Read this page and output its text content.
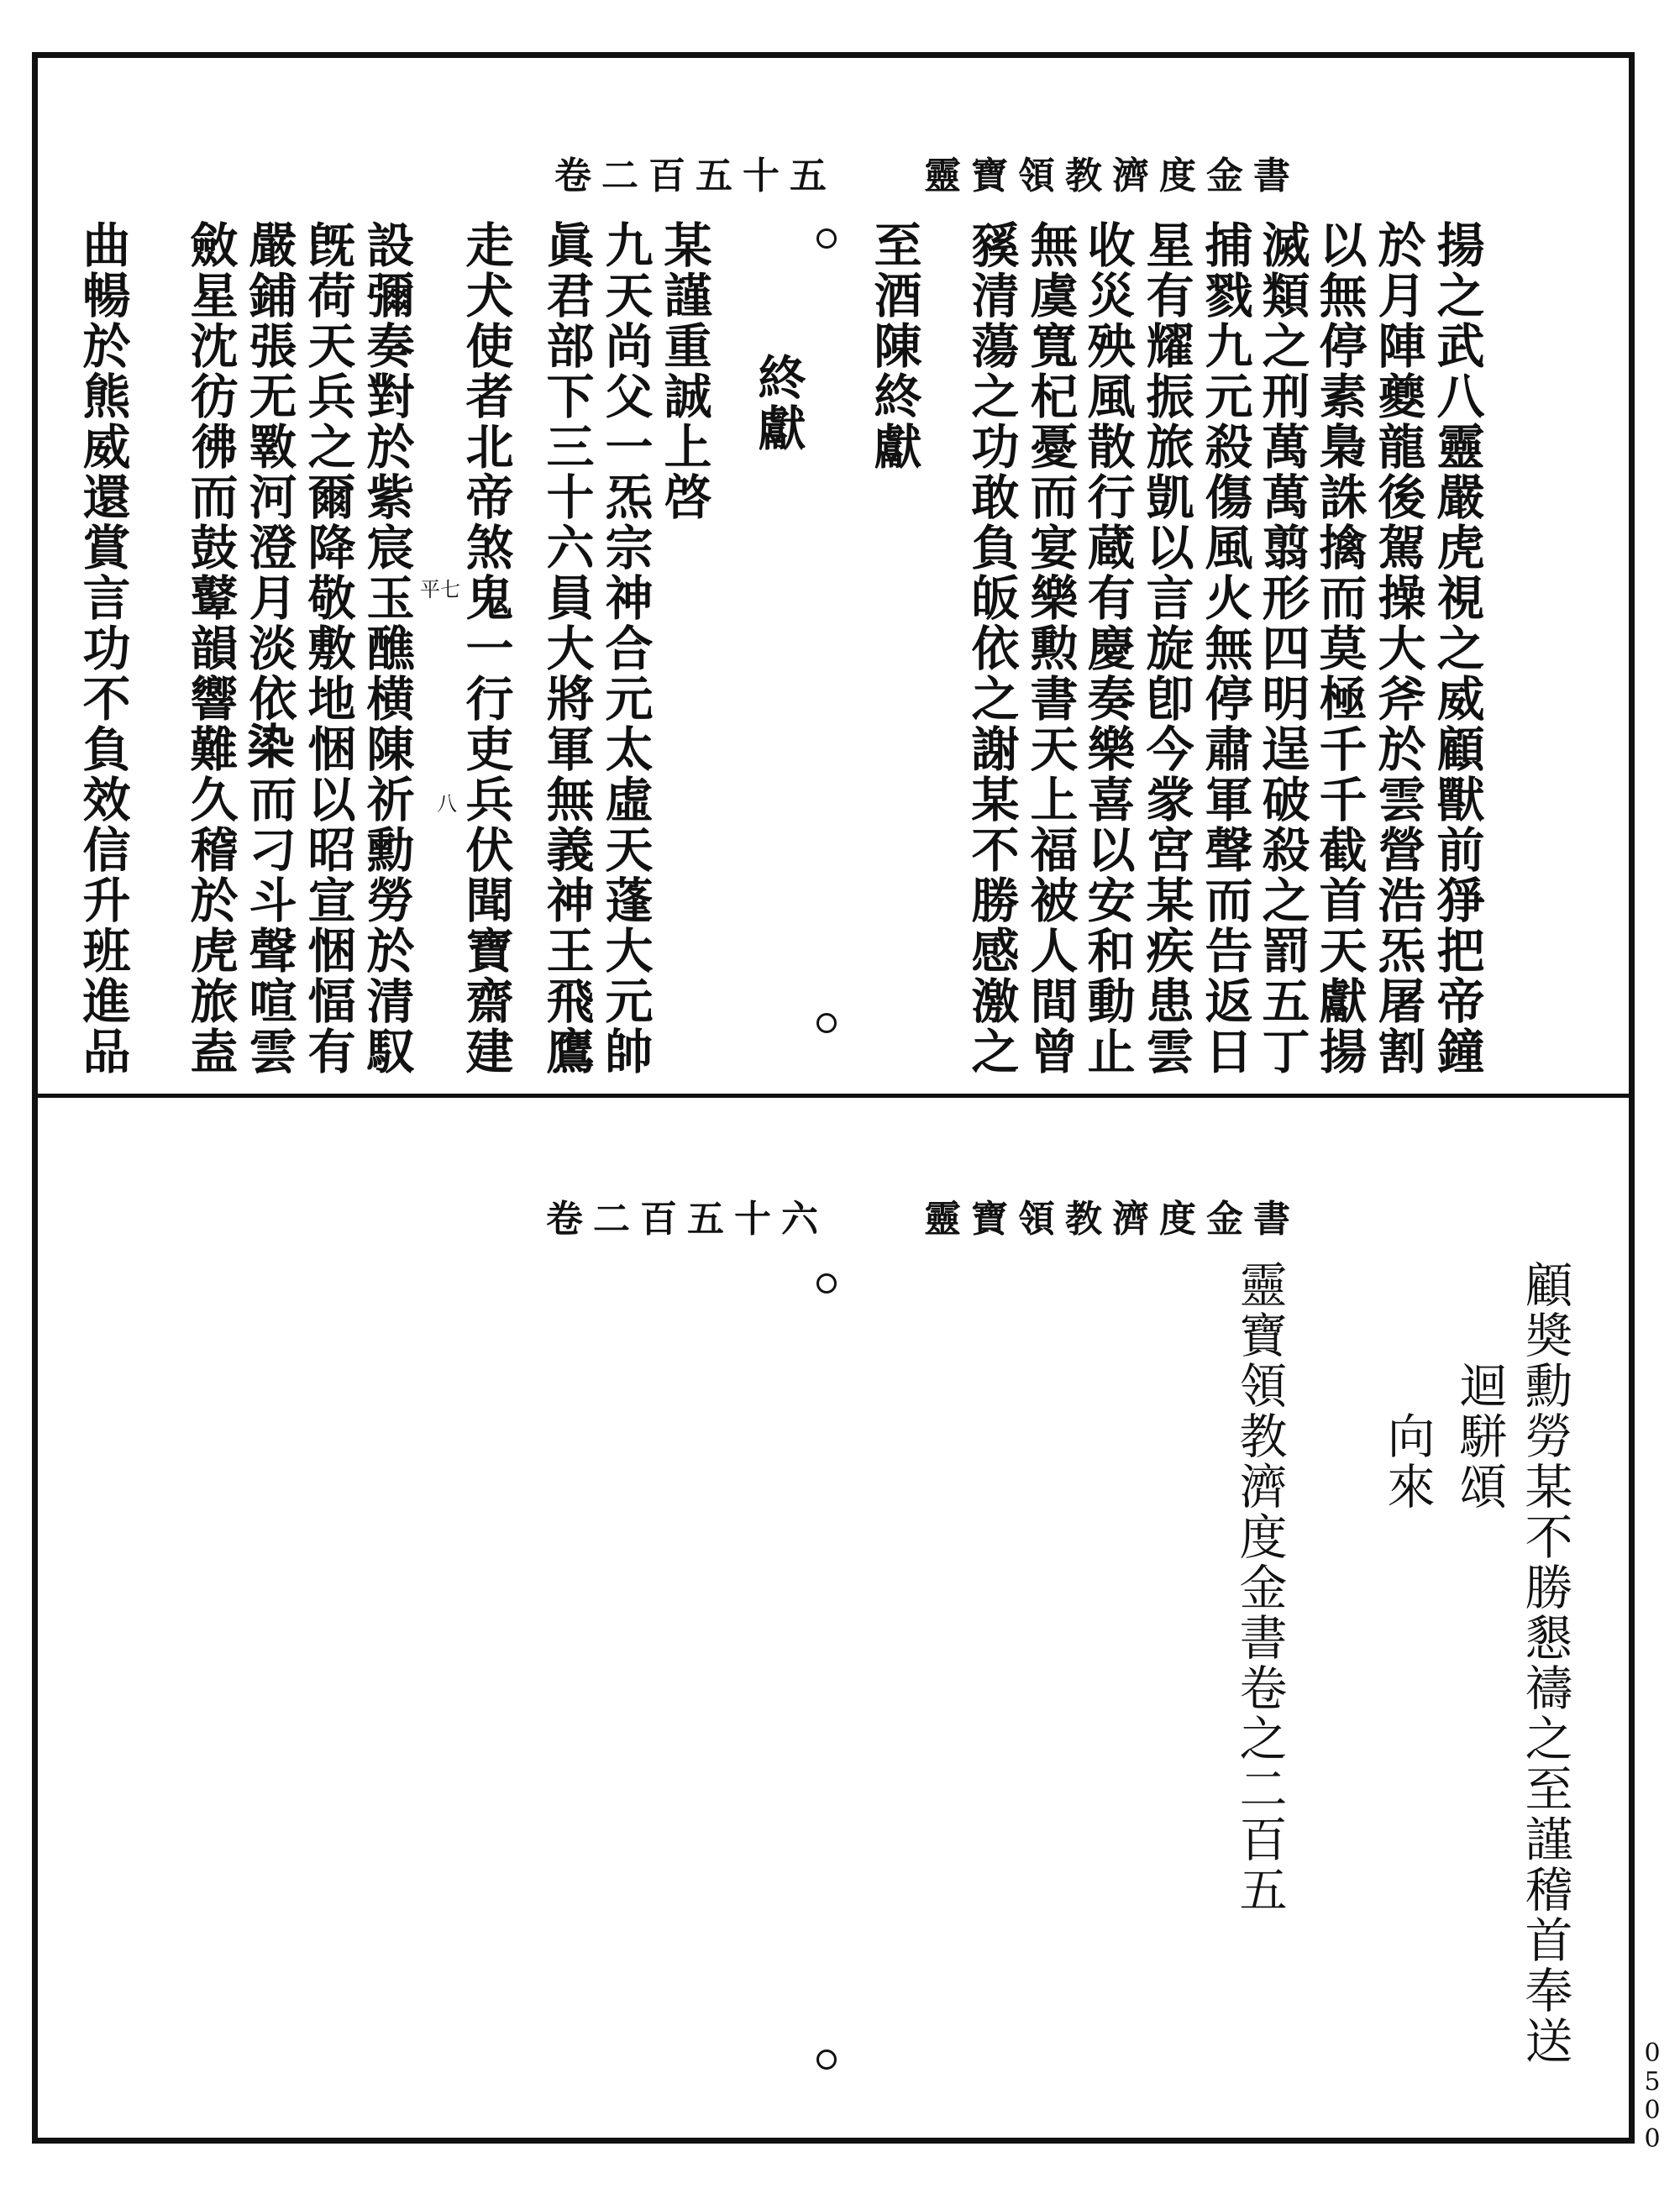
靈寶領教濟度金書
卷二百五十五
揚之武八靈嚴虎視之威顧獸前猙把帝鐘
於月陣夔龍後駕操大斧於雲營浩炁屠割
以無停素梟誅擒而莫極千千截首天獻揚
滅類之刑萬萬翦形四明逞破殺之罰五丁
捕戮九元殺傷風火無停肅軍聲而告返日
星有耀振旅凱以言旋卽今䝉宮某疾患雲
收災殃風散行蔵有慶奏樂喜以安和動止
無虞寬杞憂而宴樂勲書天上福被人間曾
豯清蕩之功敢負皈依之謝某不勝感激之
至酒陳終獻
終獻
某謹重誠上啓
九天尚父一炁宗神合元太虛天蓬大元帥
眞君部下三十六員大將軍無義神王飛鷹
走犬使者北帝煞鬼一行吏兵伏聞寶齋建
設彌奏對於紫宸玉醮横陳祈勳勞於清馭
旣荷天兵之爾降敬敷地悃以昭宣悃愊有
嚴鋪張无斁河澄月淡依𣑱而刁斗聲喧雲
斂星沈彷彿而鼓鼙韻響難久稽於虎旅盍
曲暢於熊威還賞言功不負效信升班進品	平七
八
靈寶領教濟度金書
卷二百五十六
顧奬勳勞某不勝懇禱之至謹稽首奉送
迴駢頌
向來
靈寶領教濟度金書卷之二百五
0
5
0
0
